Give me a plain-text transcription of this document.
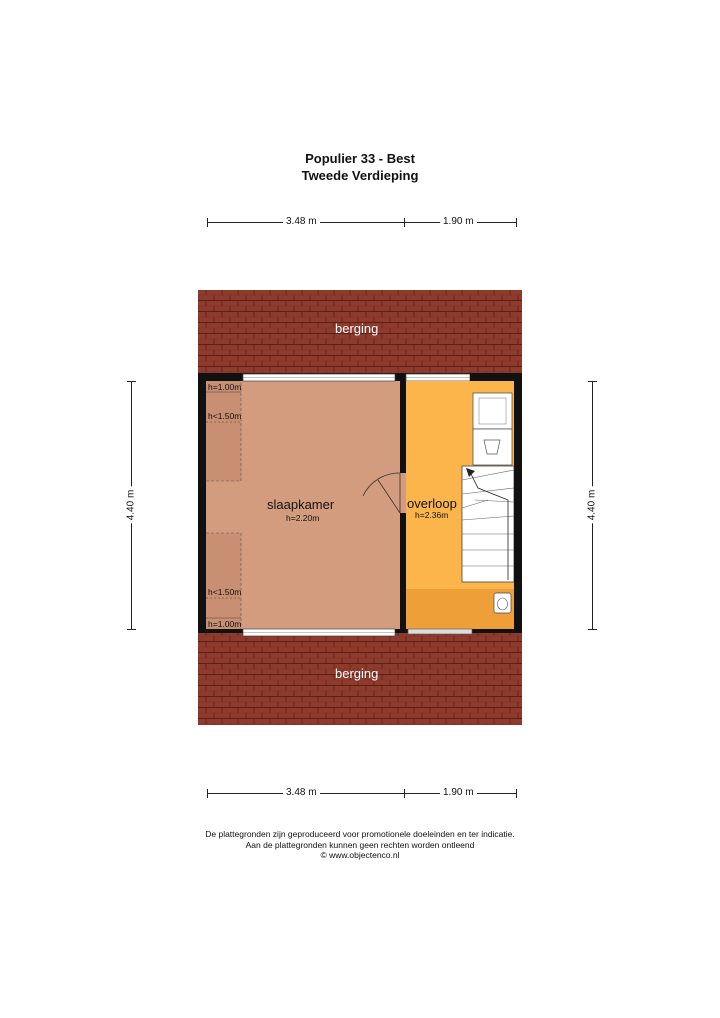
Populier 33 - Best
Tweede Verdieping
3.48 m	1.90 m
3.48 m	1.90 m
berging
berging
slaapkamer
h=2.20m
overloop
h=2.36m
h=1.00m
h<1.50m
h<1.50m
h=1.00m
4.40 m	4.40 m
De plattegronden zijn geproduceerd voor promotionele doeleinden en ter indicatie.
Aan de plattegronden kunnen geen rechten worden ontleend
© www.objectenco.nl
